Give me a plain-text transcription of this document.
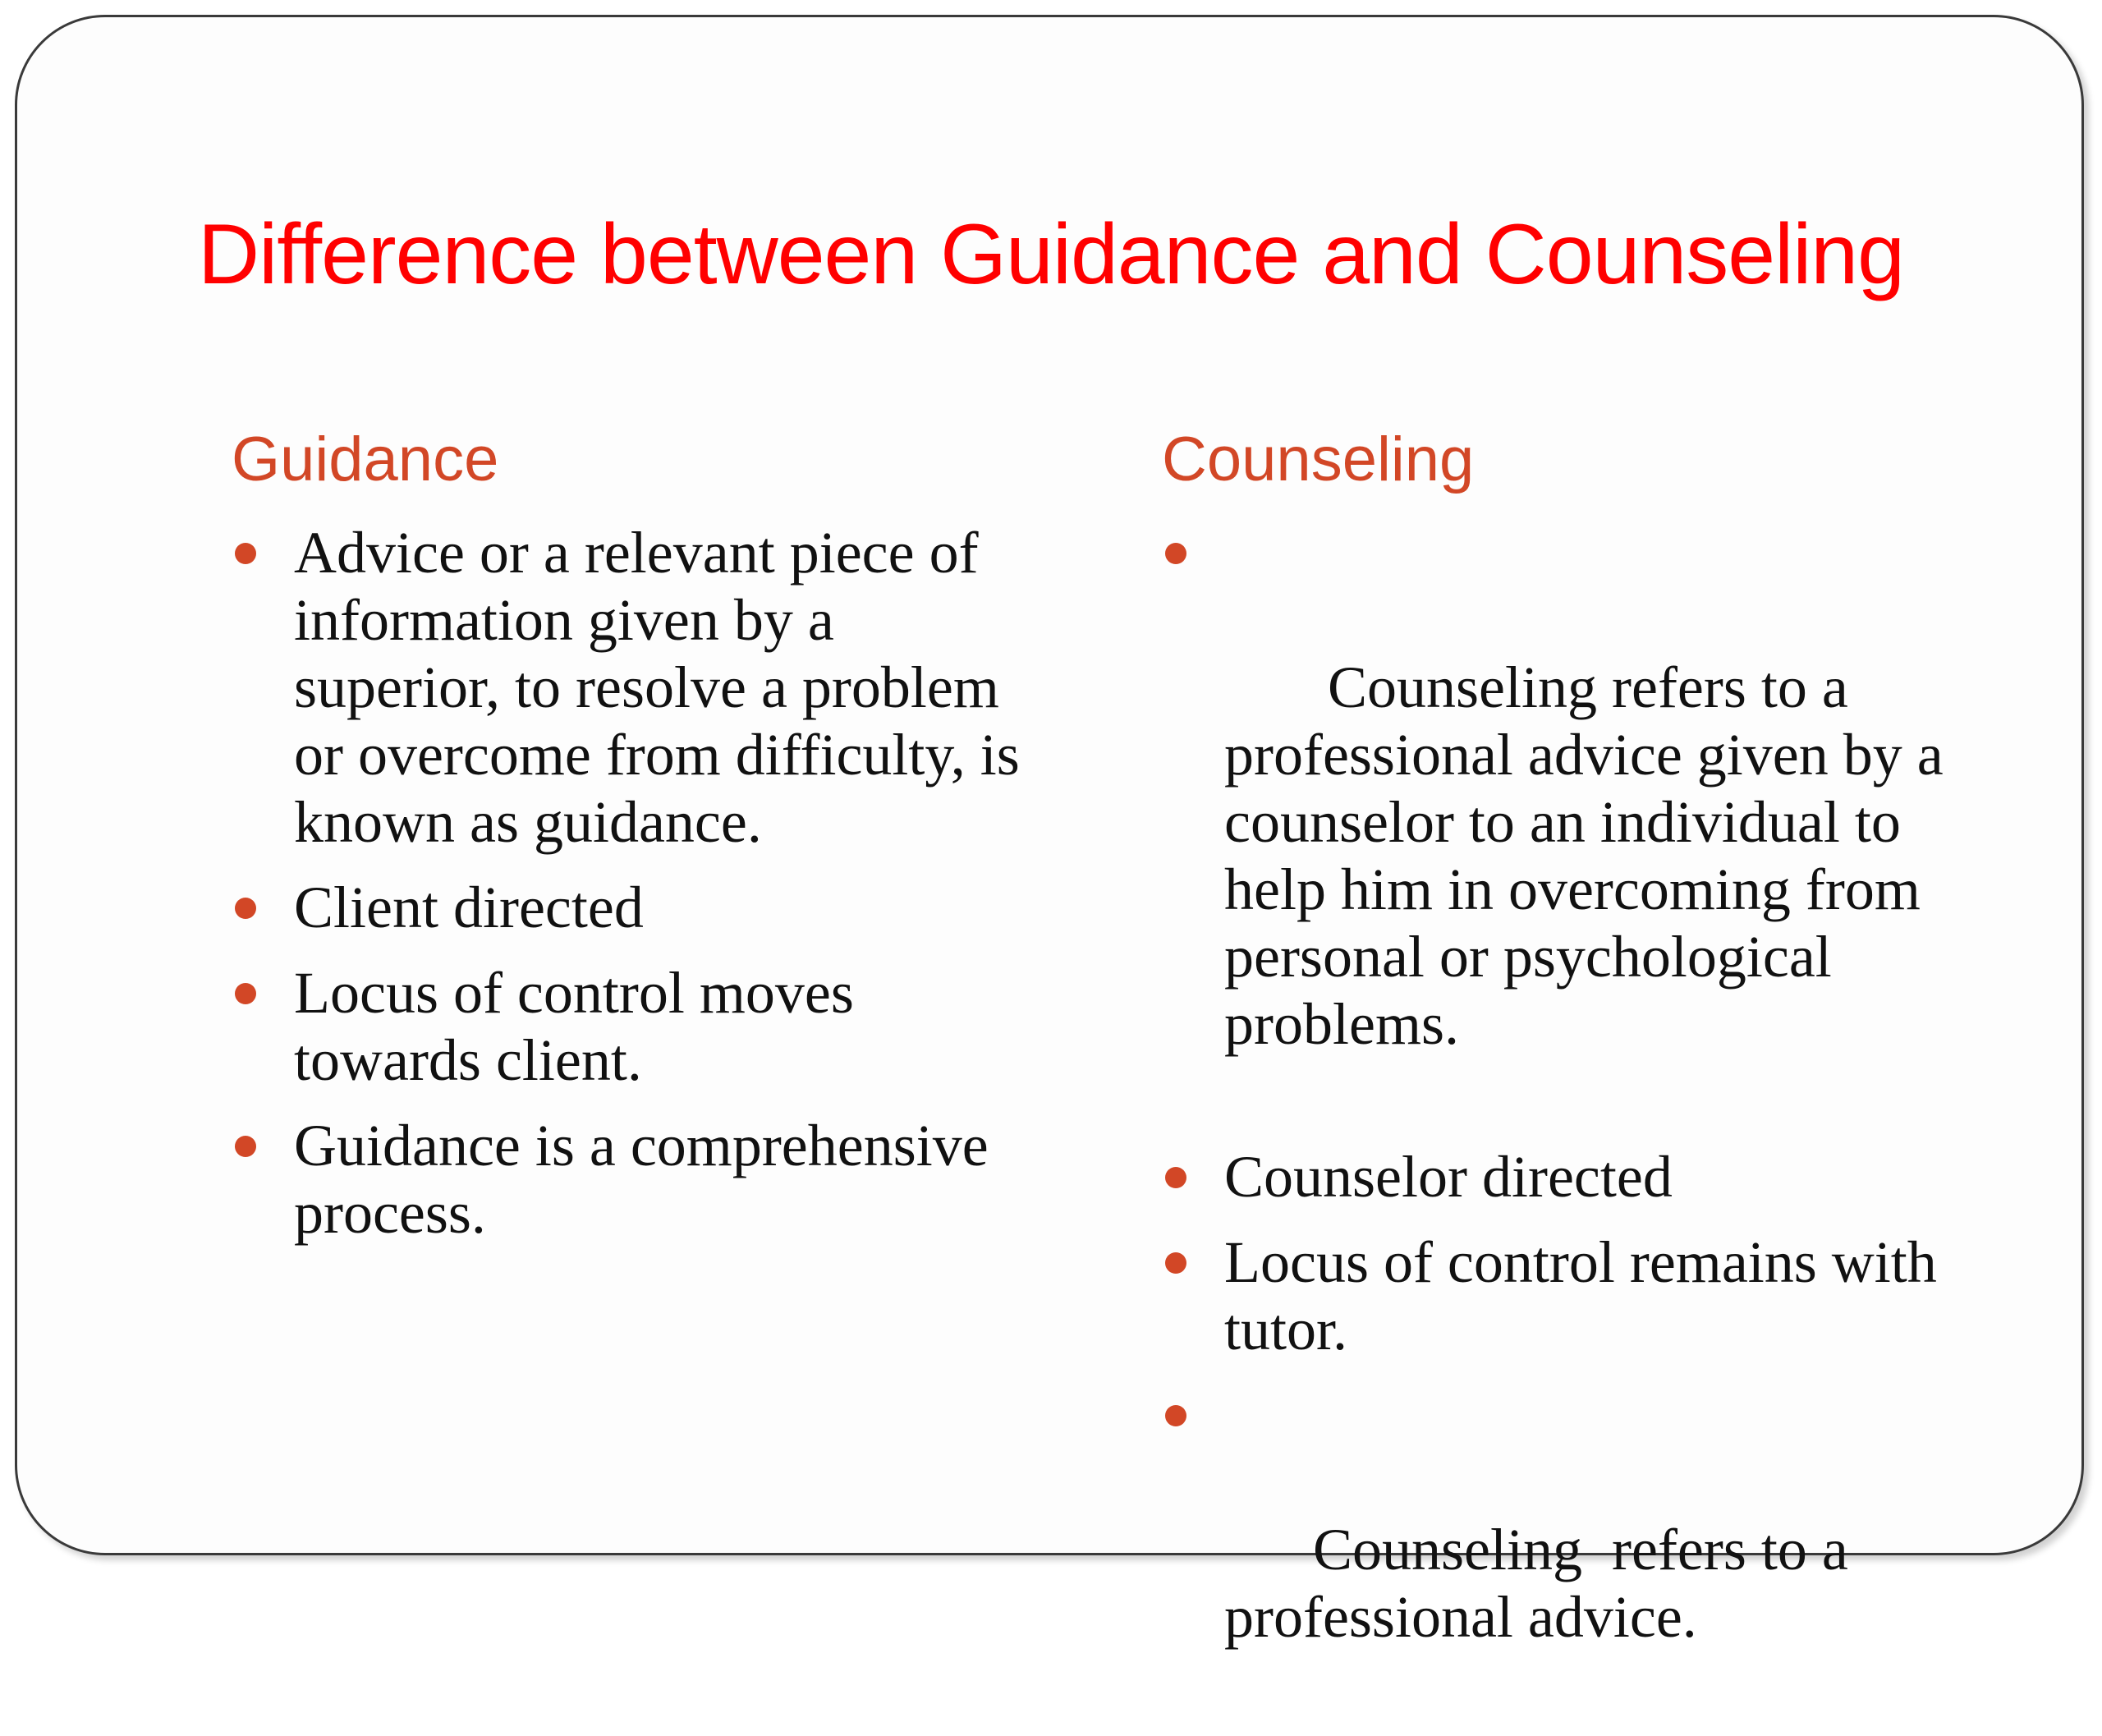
Difference between Guidance and Counseling
Guidance
Advice or a relevant piece of information given by a superior, to resolve a problem or overcome from difficulty, is known as guidance.
Client directed
Locus of control moves towards client.
Guidance is a comprehensive process.
Counseling

Counseling refers to a professional advice given by a counselor to an individual to help him in overcoming from personal or psychological problems.

Counselor directed
Locus of control remains with tutor.

Counseling  refers to a professional advice.
